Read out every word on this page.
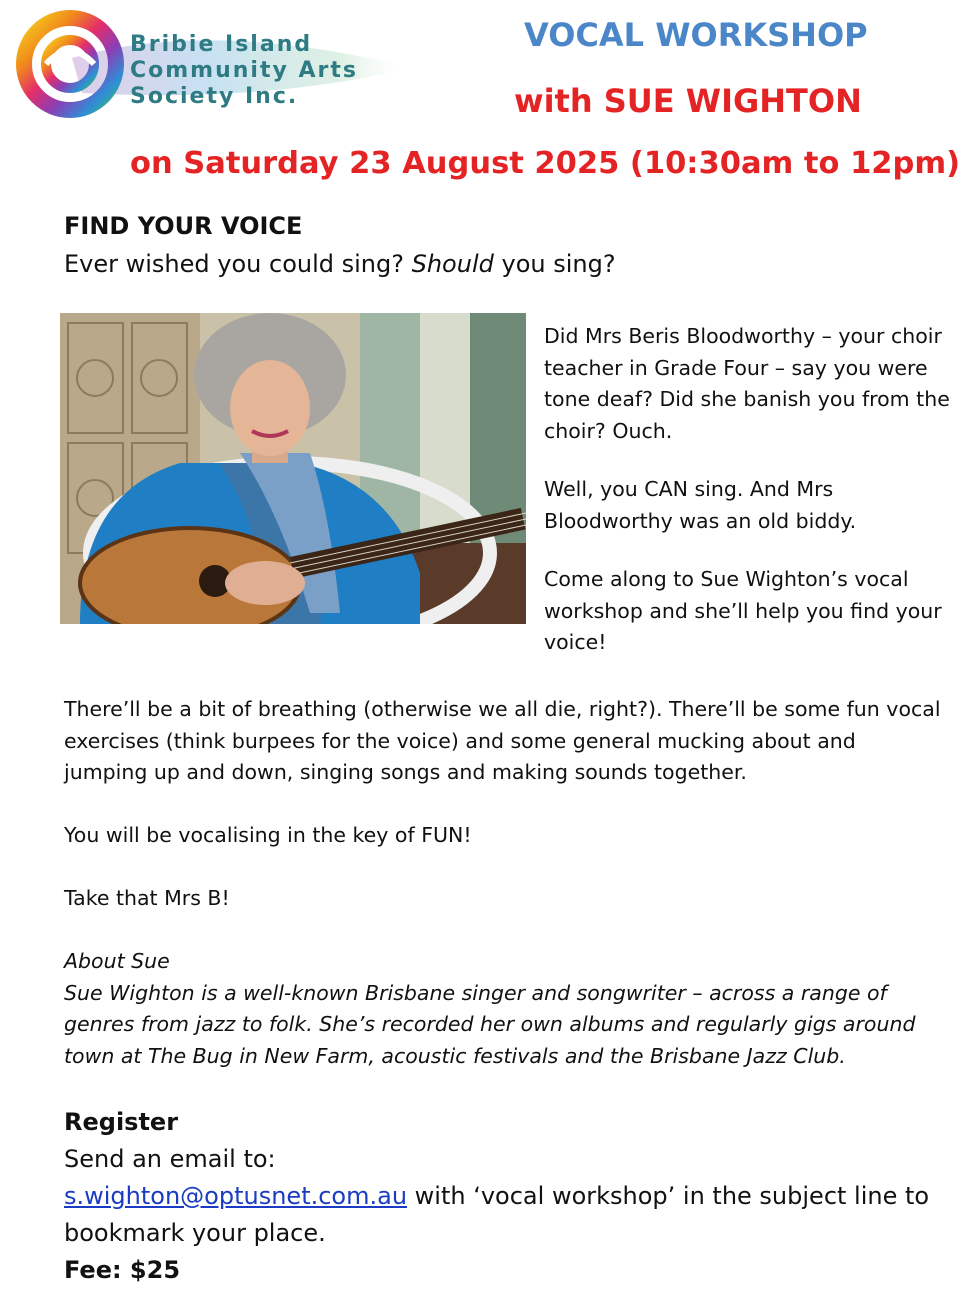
Bribie Island
Community Arts
Society Inc.
VOCAL WORKSHOP
with SUE WIGHTON
on Saturday 23 August 2025 (10:30am to 12pm)
FIND YOUR VOICE
Ever wished you could sing? Should you sing?

Did Mrs Beris Bloodworthy – your choir teacher in Grade Four – say you were tone deaf? Did she banish you from the choir? Ouch.

Well, you CAN sing. And Mrs Bloodworthy was an old biddy.

Come along to Sue Wighton’s vocal workshop and she’ll help you find your voice!

There’ll be a bit of breathing (otherwise we all die, right?). There’ll be some fun vocal exercises (think burpees for the voice) and some general mucking about and jumping up and down, singing songs and making sounds together.

You will be vocalising in the key of FUN!

Take that Mrs B!

About Sue
Sue Wighton is a well-known Brisbane singer and songwriter – across a range of genres from jazz to folk. She’s recorded her own albums and regularly gigs around town at The Bug in New Farm, acoustic festivals and the Brisbane Jazz Club.
Register
Send an email to:
s.wighton@optusnet.com.au with ‘vocal workshop’ in the subject line to bookmark your place.
Fee: $25
